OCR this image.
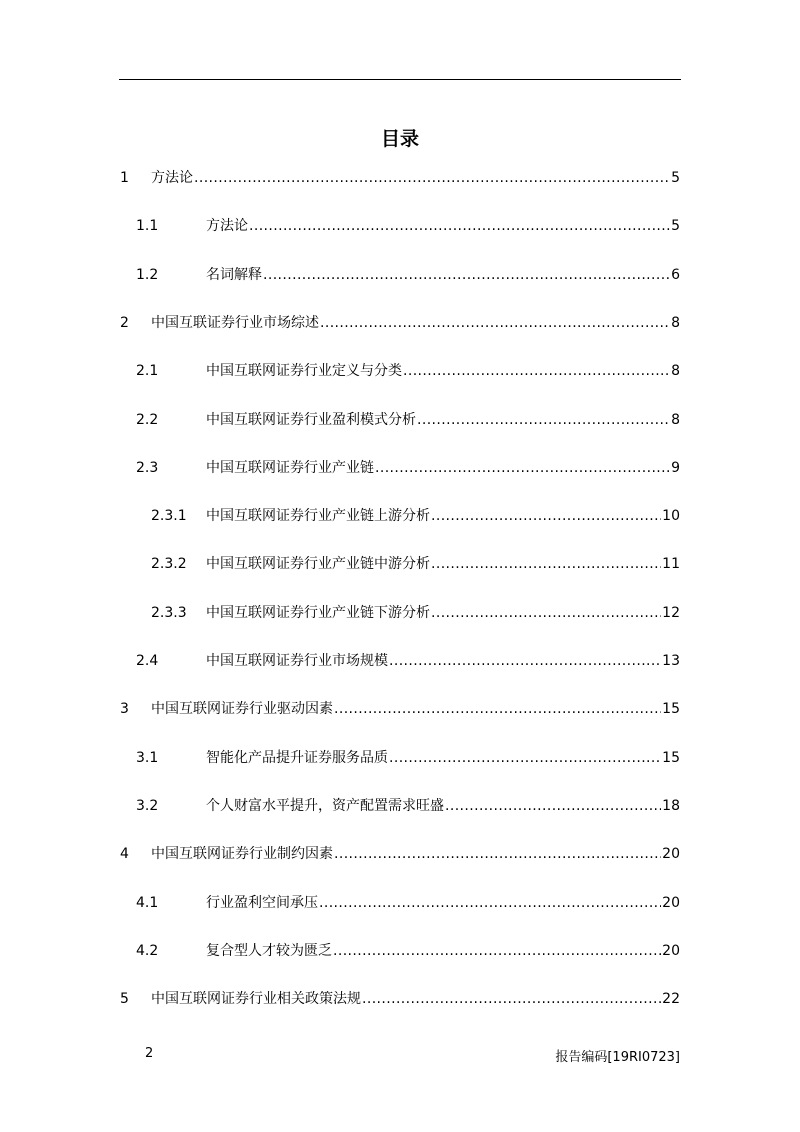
目录
1 方法论 .....	5
1.1	方法论 .....	5
1.2	名词解释 .....	6
2 中国互联证券行业市场综述 .....	8
2.1	中国互联网证券行业定义与分类 .....	8
2.2	中国互联网证券行业盈利模式分析 .....	8
2.3	中国互联网证券行业产业链 .....	9
2.3.1 中国互联网证券行业产业链上游分析 .....	10
2.3.2 中国互联网证券行业产业链中游分析 .....	11
2.3.3 中国互联网证券行业产业链下游分析 .....	12
2.4	中国互联网证券行业市场规模 .....	13
3 中国互联网证券行业驱动因素 .....	15
3.1	智能化产品提升证券服务品质 .....	15
3.2	个人财富水平提升，资产配置需求旺盛 .....	18
4 中国互联网证券行业制约因素 .....	20
4.1	行业盈利空间承压 .....	20
4.2	复合型人才较为匮乏 .....	20
5 中国互联网证券行业相关政策法规 .....	22
2	报告编码[19RI0723]
